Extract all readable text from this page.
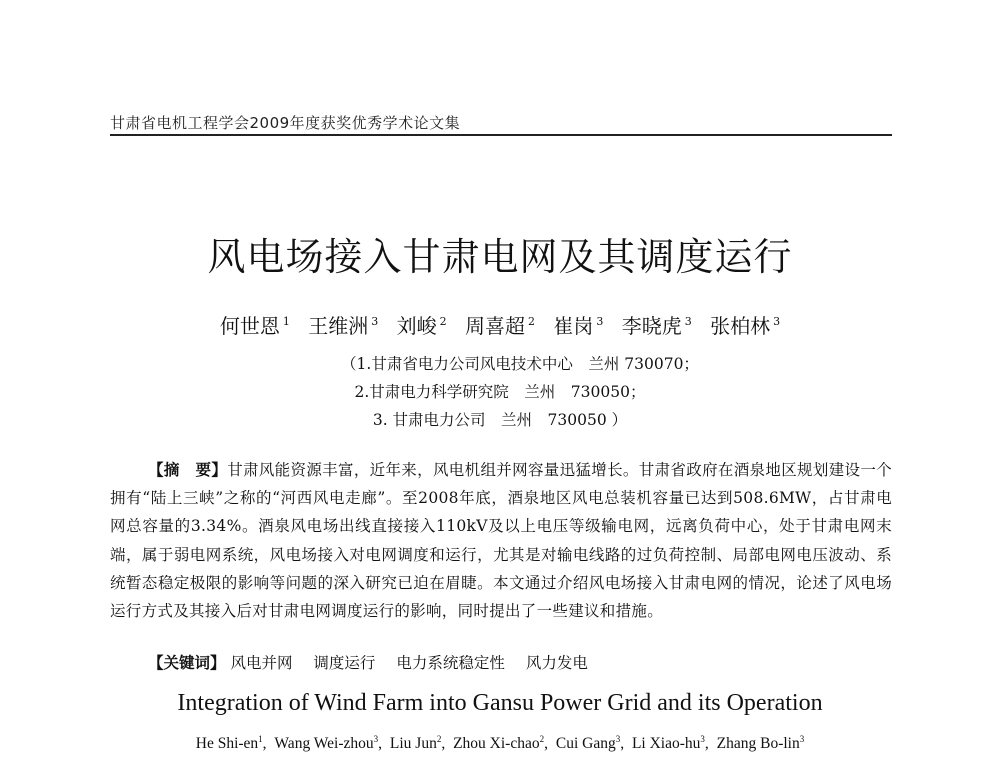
甘肃省电机工程学会2009年度获奖优秀学术论文集
风电场接入甘肃电网及其调度运行
何世恩 $^1$ 王维洲 $^3$ 刘峻 $^2$ 周喜超 $^2$ 崔岗 $^3$ 李晓虎 $^3$ 张柏林 $^3$
（1.甘肃省电力公司风电技术中心　兰州 730070；
2.甘肃电力科学研究院　兰州　730050；
3. 甘肃电力公司　兰州　730050 ）
【摘　要】甘肃风能资源丰富，近年来，风电机组并网容量迅猛增长。甘肃省政府在酒泉地区规划建设一个拥有“陆上三峡”之称的“河西风电走廊”。至2008年底，酒泉地区风电总装机容量已达到508.6MW，占甘肃电网总容量的3.34%。酒泉风电场出线直接接入110kV及以上电压等级输电网，远离负荷中心，处于甘肃电网末端，属于弱电网系统，风电场接入对电网调度和运行，尤其是对输电线路的过负荷控制、局部电网电压波动、系统暂态稳定极限的影响等问题的深入研究已迫在眉睫。本文通过介绍风电场接入甘肃电网的情况，论述了风电场运行方式及其接入后对甘肃电网调度运行的影响，同时提出了一些建议和措施。
【关键词】 风电并网 调度运行 电力系统稳定性 风力发电
Integration of Wind Farm into Gansu Power Grid and its Operation
He Shi-$en^1$, Wang Wei-zhou$^3$, Liu Jun$^2$, Zhou Xi-chao$^2$, Cui Gang$^3$, Li Xiao-$hu^3$, Zhang Bo-lin$^3$
